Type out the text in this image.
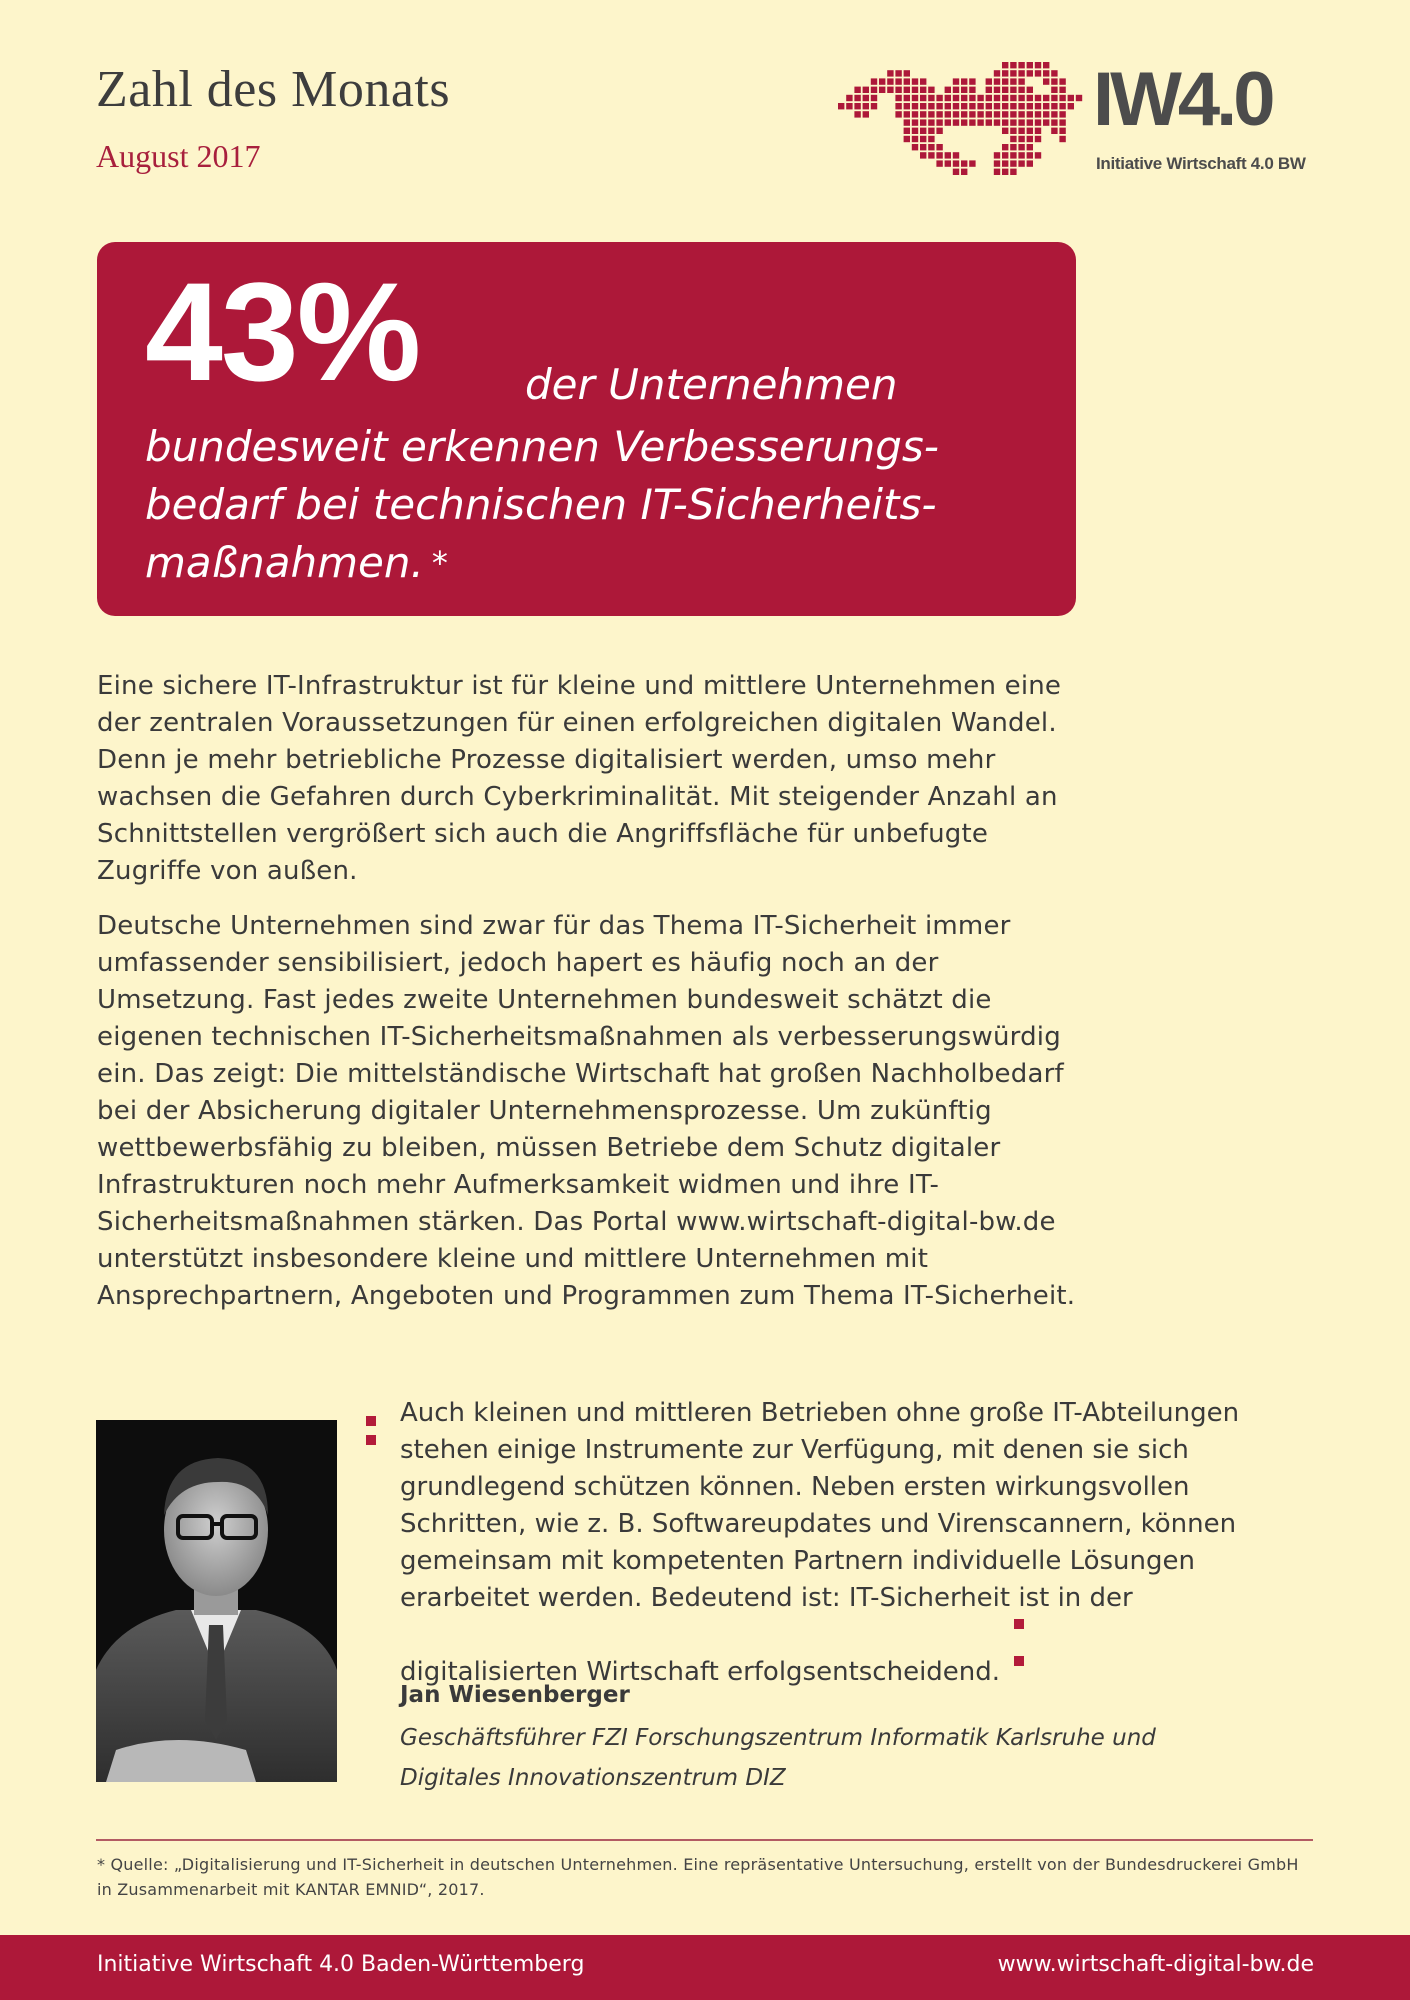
Zahl des Monats
August 2017
IW4.0
Initiative Wirtschaft 4.0 BW
43%	der Unternehmen
bundesweit erkennen Verbesserungs-
bedarf bei technischen IT-Sicherheits-
maßnahmen. *

Eine sichere IT-Infrastruktur ist für kleine und mittlere Unternehmen eine der zentralen Voraussetzungen für einen erfolgreichen digitalen Wandel. Denn je mehr betriebliche Prozesse digitalisiert werden, umso mehr wachsen die Gefahren durch Cyberkriminalität. Mit steigender Anzahl an Schnittstellen vergrößert sich auch die Angriffsfläche für unbefugte Zugriffe von außen.

Deutsche Unternehmen sind zwar für das Thema IT-Sicherheit immer umfassender sensibilisiert, jedoch hapert es häufig noch an der Umsetzung. Fast jedes zweite Unternehmen bundesweit schätzt die eigenen technischen IT-Sicherheitsmaßnahmen als verbesserungswürdig ein. Das zeigt: Die mittelständische Wirtschaft hat großen Nachholbedarf bei der Absicherung digitaler Unternehmensprozesse. Um zukünftig wettbewerbsfähig zu bleiben, müssen Betriebe dem Schutz digitaler Infrastrukturen noch mehr Aufmerksamkeit widmen und ihre IT-Sicherheitsmaßnahmen stärken. Das Portal www.wirtschaft-digital-bw.de unterstützt insbesondere kleine und mittlere Unternehmen mit Ansprechpartnern, Angeboten und Programmen zum Thema IT-Sicherheit.

Auch kleinen und mittleren Betrieben ohne große IT-Abteilungen stehen einige Instrumente zur Verfügung, mit denen sie sich grundlegend schützen können. Neben ersten wirkungsvollen Schritten, wie z. B. Softwareupdates und Virenscannern, können gemeinsam mit kompetenten Partnern individuelle Lösungen erarbeitet werden. Bedeutend ist: IT-Sicherheit ist in der digitalisierten Wirtschaft erfolgsentscheidend.
Jan Wiesenberger
Geschäftsführer FZI Forschungszentrum Informatik Karlsruhe und
Digitales Innovationszentrum DIZ
* Quelle: „Digitalisierung und IT-Sicherheit in deutschen Unternehmen. Eine repräsentative Untersuchung, erstellt von der Bundesdruckerei GmbH in Zusammenarbeit mit KANTAR EMNID“, 2017.
Initiative Wirtschaft 4.0 Baden-Württemberg	www.wirtschaft-digital-bw.de
